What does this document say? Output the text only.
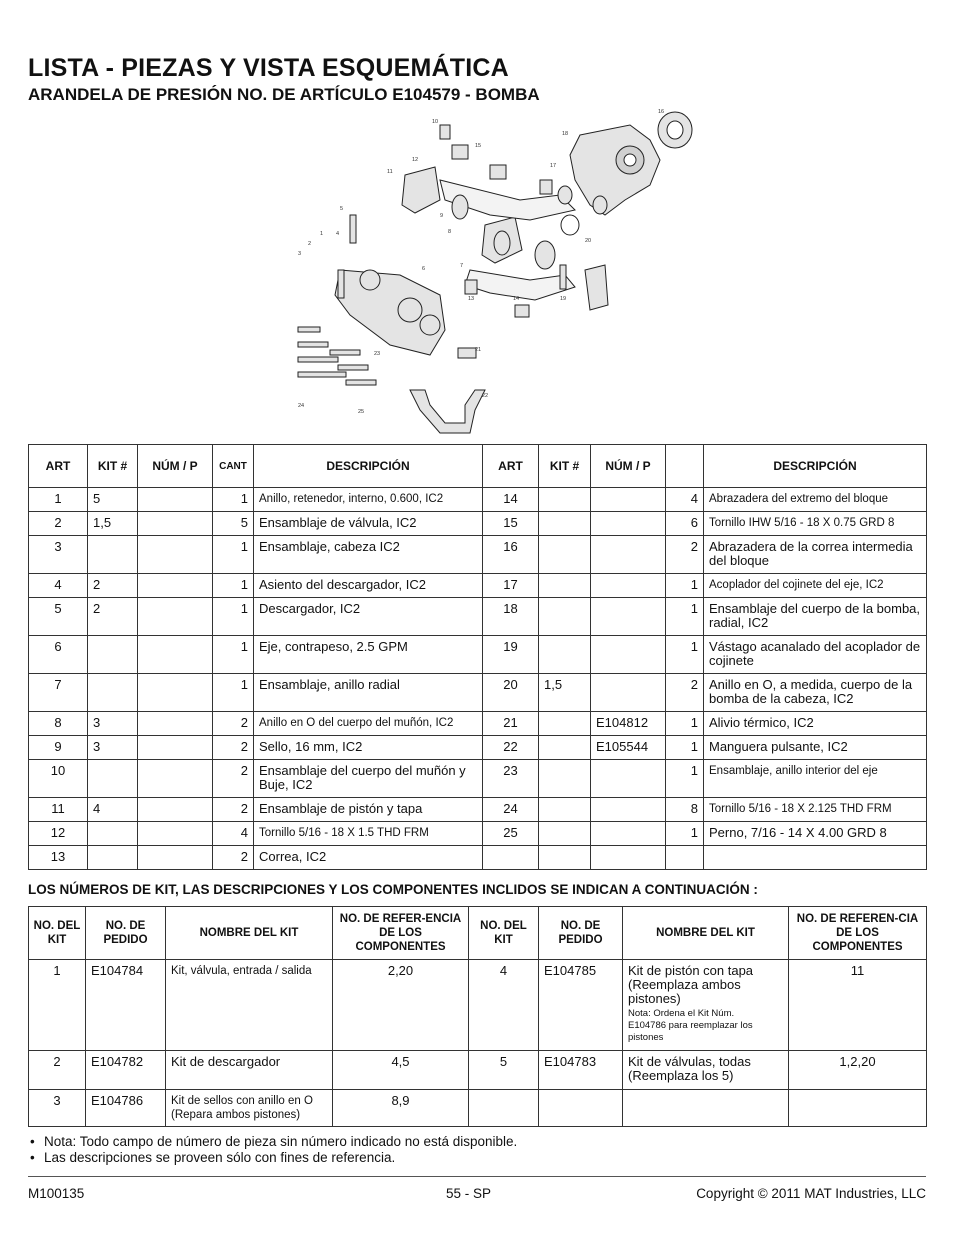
LISTA - PIEZAS Y VISTA ESQUEMÁTICA
ARANDELA DE PRESIÓN NO. DE ARTÍCULO E104579 - BOMBA
16
10
12
11
15
17
9
5
8
1
2
3
4
6	7
13	14
18
19
20
21
22
23
24
25
ART	KIT #	NÚM / P	CANT	DESCRIPCIÓN	ART	KIT #	NÚM / P		DESCRIPCIÓN
1	5		1	Anillo, retenedor, interno, 0.600, IC2	14			4	Abrazadera del extremo del bloque
2	1,5		5	Ensamblaje de válvula, IC2	15			6	Tornillo IHW 5/16 - 18 X 0.75 GRD 8
3			1	Ensamblaje, cabeza IC2	16			2	Abrazadera de la correa intermedia del bloque
4	2		1	Asiento del descargador, IC2	17			1	Acoplador del cojinete del eje, IC2
5	2		1	Descargador, IC2	18			1	Ensamblaje del cuerpo de la bomba, radial, IC2
6			1	Eje, contrapeso, 2.5 GPM	19			1	Vástago acanalado del acoplador de cojinete
7			1	Ensamblaje, anillo radial	20	1,5		2	Anillo en O, a medida, cuerpo de la bomba de la cabeza, IC2
8	3		2	Anillo en O del cuerpo del muñón, IC2	21		E104812	1	Alivio térmico, IC2
9	3		2	Sello, 16 mm, IC2	22		E105544	1	Manguera pulsante, IC2
10			2	Ensamblaje del cuerpo del muñón y Buje, IC2	23			1	Ensamblaje, anillo interior del eje
11	4		2	Ensamblaje de pistón y tapa	24			8	Tornillo 5/16 - 18 X 2.125 THD FRM
12			4	Tornillo 5/16 - 18 X 1.5 THD FRM	25			1	Perno, 7/16 - 14 X 4.00 GRD 8
13			2	Correa, IC2					
LOS NÚMEROS DE KIT, LAS DESCRIPCIONES Y LOS COMPONENTES INCLIDOS SE INDICAN A CONTINUACIÓN :
NO. DEL KIT	NO. DE PEDIDO	NOMBRE DEL KIT	NO. DE REFER-ENCIA DE LOS COMPONENTES	NO. DEL KIT	NO. DE PEDIDO	NOMBRE DEL KIT	NO. DE REFEREN-CIA DE LOS COMPONENTES
1	E104784	Kit, válvula, entrada / salida	2,20	4	E104785	Kit de pistón con tapa (Reemplaza ambos pistones)
Nota: Ordena el Kit Núm.
E104786 para reemplazar los pistones	11
2	E104782	Kit de descargador	4,5	5	E104783	Kit de válvulas, todas (Reemplaza los 5)	1,2,20
3	E104786	Kit de sellos con anillo en O (Repara ambos pistones)	8,9				
• Nota: Todo campo de número de pieza sin número indicado no está disponible.
• Las descripciones se proveen sólo con fines de referencia.
M100135	55 - SP	Copyright © 2011 MAT Industries, LLC
